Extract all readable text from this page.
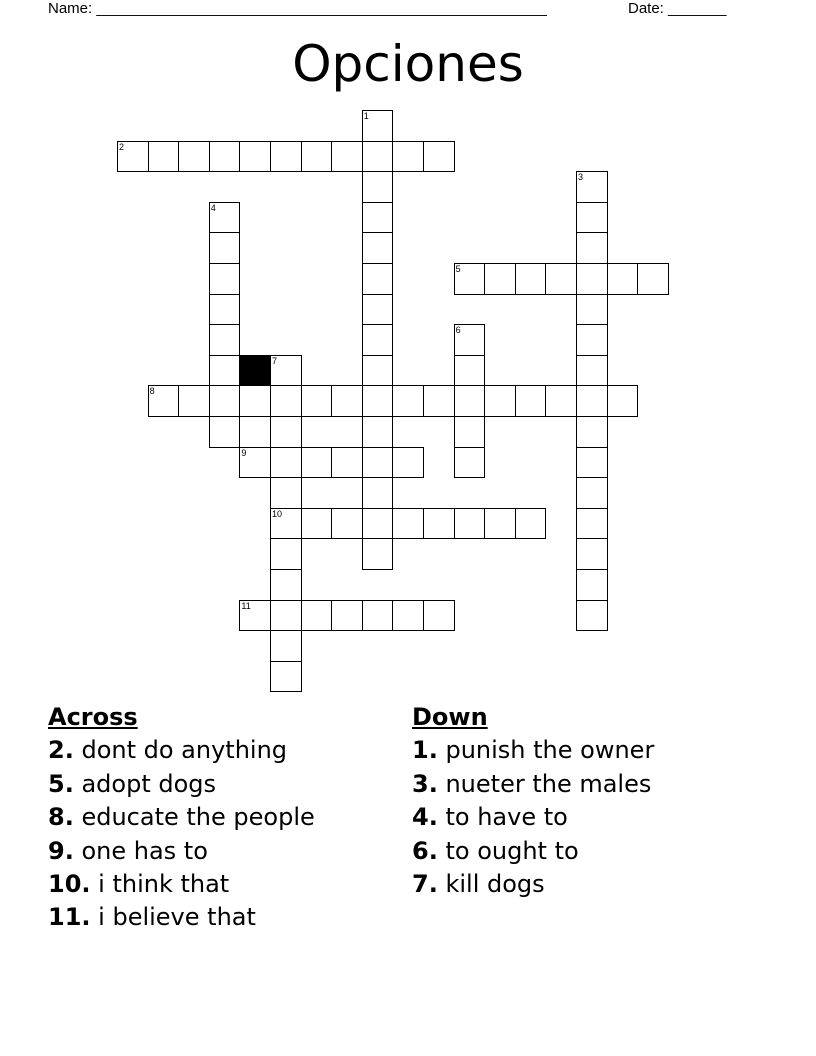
Name: ______________________________________________________	Date: _______
Opciones
1
2
3
4
5
6
7
10
8
9
11
Across
2. dont do anything
5. adopt dogs
8. educate the people
9. one has to
10. i think that
11. i believe that
Down
1. punish the owner
3. nueter the males
4. to have to
6. to ought to
7. kill dogs
